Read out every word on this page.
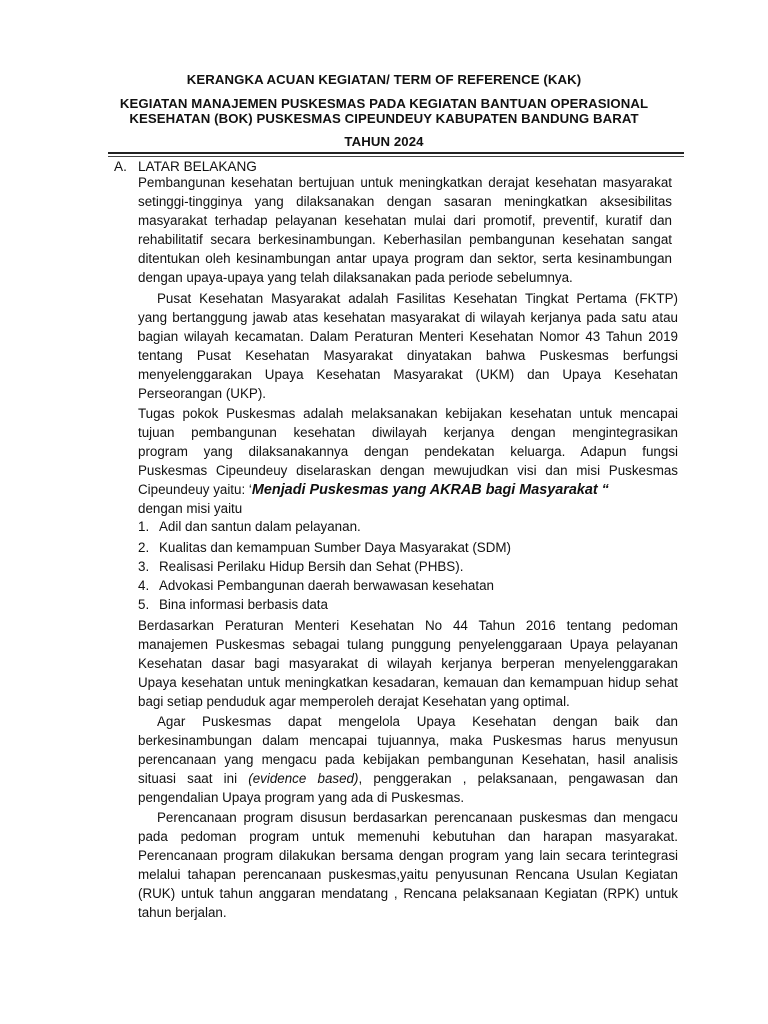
KERANGKA ACUAN KEGIATAN/ TERM OF REFERENCE (KAK)
KEGIATAN MANAJEMEN PUSKESMAS PADA KEGIATAN BANTUAN OPERASIONAL
KESEHATAN (BOK) PUSKESMAS CIPEUNDEUY KABUPATEN BANDUNG BARAT
TAHUN 2024
A. LATAR BELAKANG
Pembangunan kesehatan bertujuan untuk meningkatkan derajat kesehatan masyarakat
setinggi-tingginya yang dilaksanakan dengan sasaran meningkatkan aksesibilitas
masyarakat terhadap pelayanan kesehatan mulai dari promotif, preventif, kuratif dan
rehabilitatif secara berkesinambungan. Keberhasilan pembangunan kesehatan sangat
ditentukan oleh kesinambungan antar upaya program dan sektor, serta kesinambungan
dengan upaya-upaya yang telah dilaksanakan pada periode sebelumnya.
Pusat Kesehatan Masyarakat adalah Fasilitas Kesehatan Tingkat Pertama (FKTP)
yang bertanggung jawab atas kesehatan masyarakat di wilayah kerjanya pada satu atau
bagian wilayah kecamatan. Dalam Peraturan Menteri Kesehatan Nomor 43 Tahun 2019
tentang Pusat Kesehatan Masyarakat dinyatakan bahwa Puskesmas berfungsi
menyelenggarakan Upaya Kesehatan Masyarakat (UKM) dan Upaya Kesehatan
Perseorangan (UKP).
Tugas pokok Puskesmas adalah melaksanakan kebijakan kesehatan untuk mencapai
tujuan pembangunan kesehatan diwilayah kerjanya dengan mengintegrasikan
program yang dilaksanakannya dengan pendekatan keluarga. Adapun fungsi
Puskesmas Cipeundeuy diselaraskan dengan mewujudkan visi dan misi Puskesmas
Cipeundeuy yaitu: ‘Menjadi Puskesmas yang AKRAB bagi Masyarakat “
dengan misi yaitu
1. Adil dan santun dalam pelayanan.
2. Kualitas dan kemampuan Sumber Daya Masyarakat (SDM)
3. Realisasi Perilaku Hidup Bersih dan Sehat (PHBS).
4. Advokasi Pembangunan daerah berwawasan kesehatan
5. Bina informasi berbasis data
Berdasarkan Peraturan Menteri Kesehatan No 44 Tahun 2016 tentang pedoman
manajemen Puskesmas sebagai tulang punggung penyelenggaraan Upaya pelayanan
Kesehatan dasar bagi masyarakat di wilayah kerjanya berperan menyelenggarakan
Upaya kesehatan untuk meningkatkan kesadaran, kemauan dan kemampuan hidup sehat
bagi setiap penduduk agar memperoleh derajat Kesehatan yang optimal.
Agar Puskesmas dapat mengelola Upaya Kesehatan dengan baik dan
berkesinambungan dalam mencapai tujuannya, maka Puskesmas harus menyusun
perencanaan yang mengacu pada kebijakan pembangunan Kesehatan, hasil analisis
situasi saat ini (evidence based), penggerakan , pelaksanaan, pengawasan dan
pengendalian Upaya program yang ada di Puskesmas.
Perencanaan program disusun berdasarkan perencanaan puskesmas dan mengacu
pada pedoman program untuk memenuhi kebutuhan dan harapan masyarakat.
Perencanaan program dilakukan bersama dengan program yang lain secara terintegrasi
melalui tahapan perencanaan puskesmas,yaitu penyusunan Rencana Usulan Kegiatan
(RUK) untuk tahun anggaran mendatang , Rencana pelaksanaan Kegiatan (RPK) untuk
tahun berjalan.
